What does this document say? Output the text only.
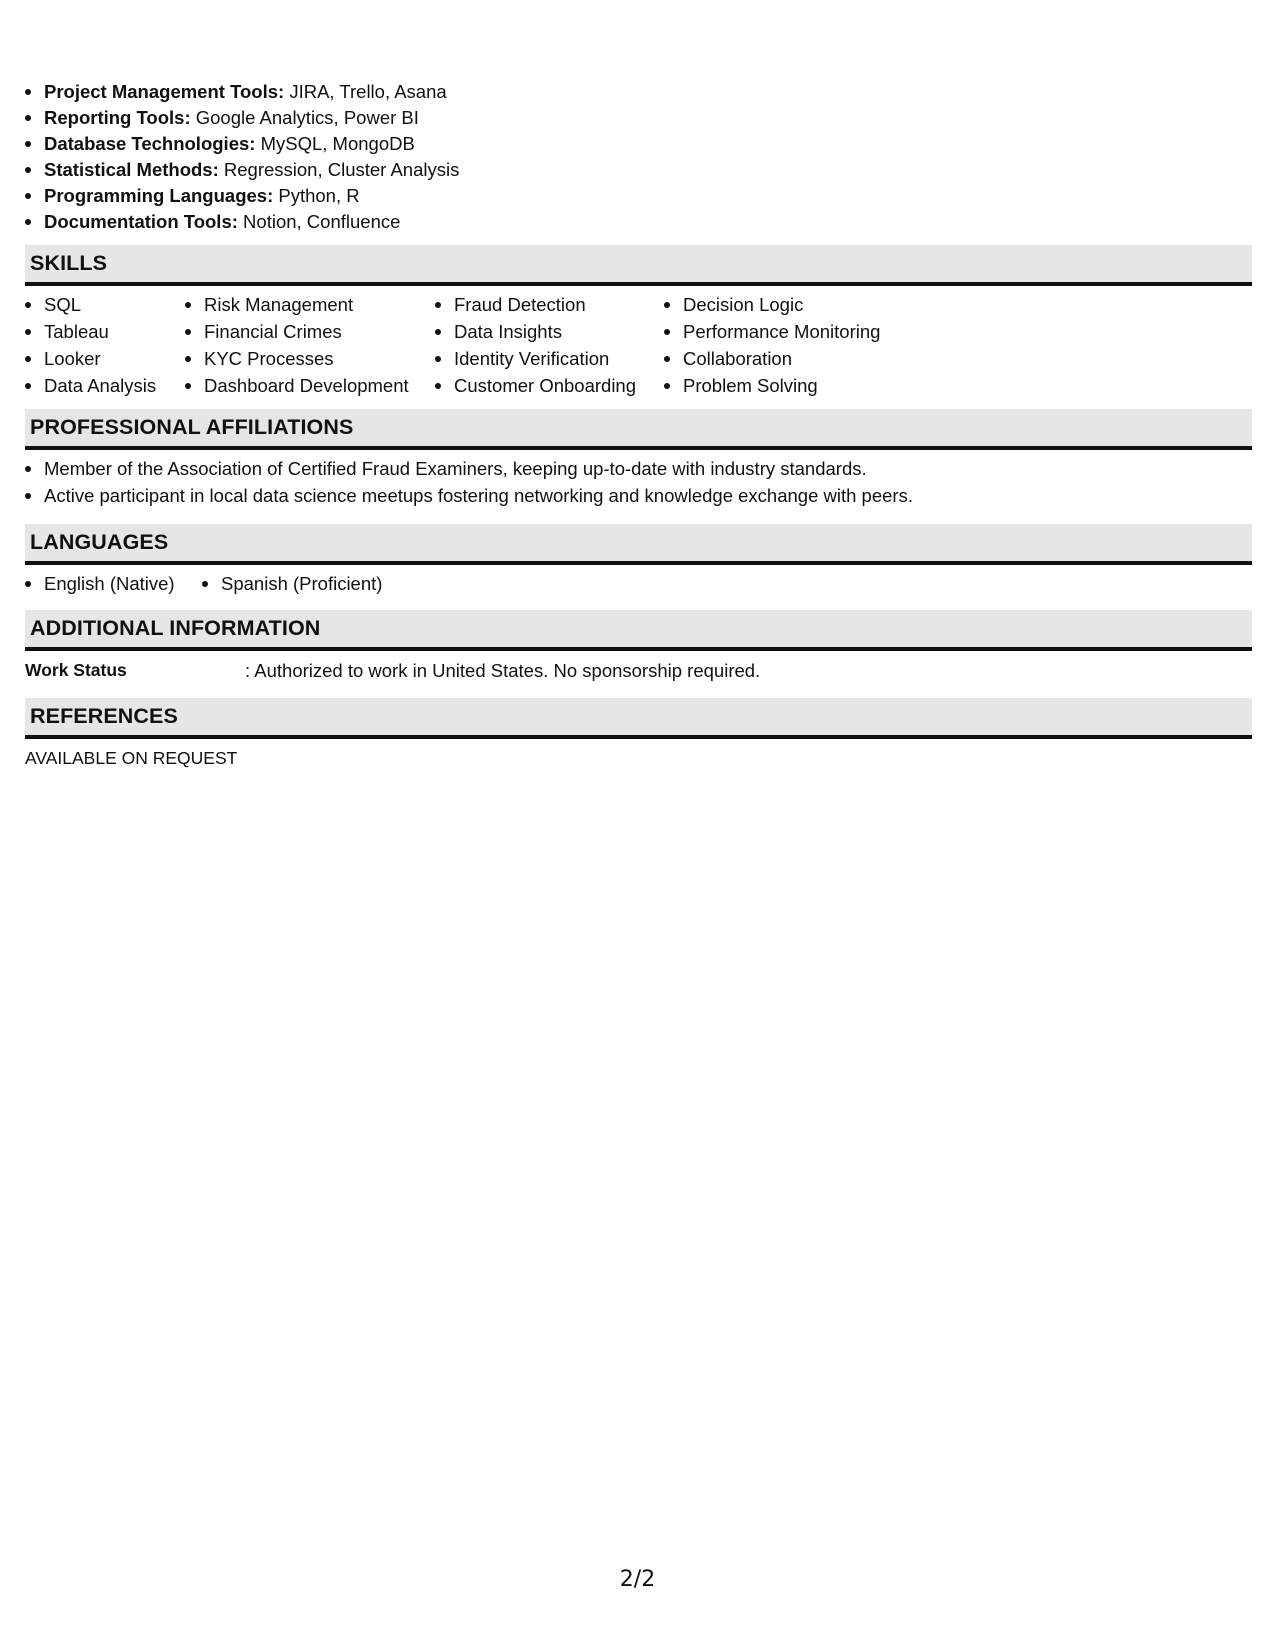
Project Management Tools: JIRA, Trello, Asana
Reporting Tools: Google Analytics, Power BI
Database Technologies: MySQL, MongoDB
Statistical Methods: Regression, Cluster Analysis
Programming Languages: Python, R
Documentation Tools: Notion, Confluence
SKILLS
SQL
Tableau
Looker
Data Analysis
Risk Management
Financial Crimes
KYC Processes
Dashboard Development
Fraud Detection
Data Insights
Identity Verification
Customer Onboarding
Decision Logic
Performance Monitoring
Collaboration
Problem Solving
PROFESSIONAL AFFILIATIONS
Member of the Association of Certified Fraud Examiners, keeping up-to-date with industry standards.
Active participant in local data science meetups fostering networking and knowledge exchange with peers.
LANGUAGES
English (Native)	Spanish (Proficient)
ADDITIONAL INFORMATION
Work Status	: Authorized to work in United States. No sponsorship required.
REFERENCES
AVAILABLE ON REQUEST
2/2
